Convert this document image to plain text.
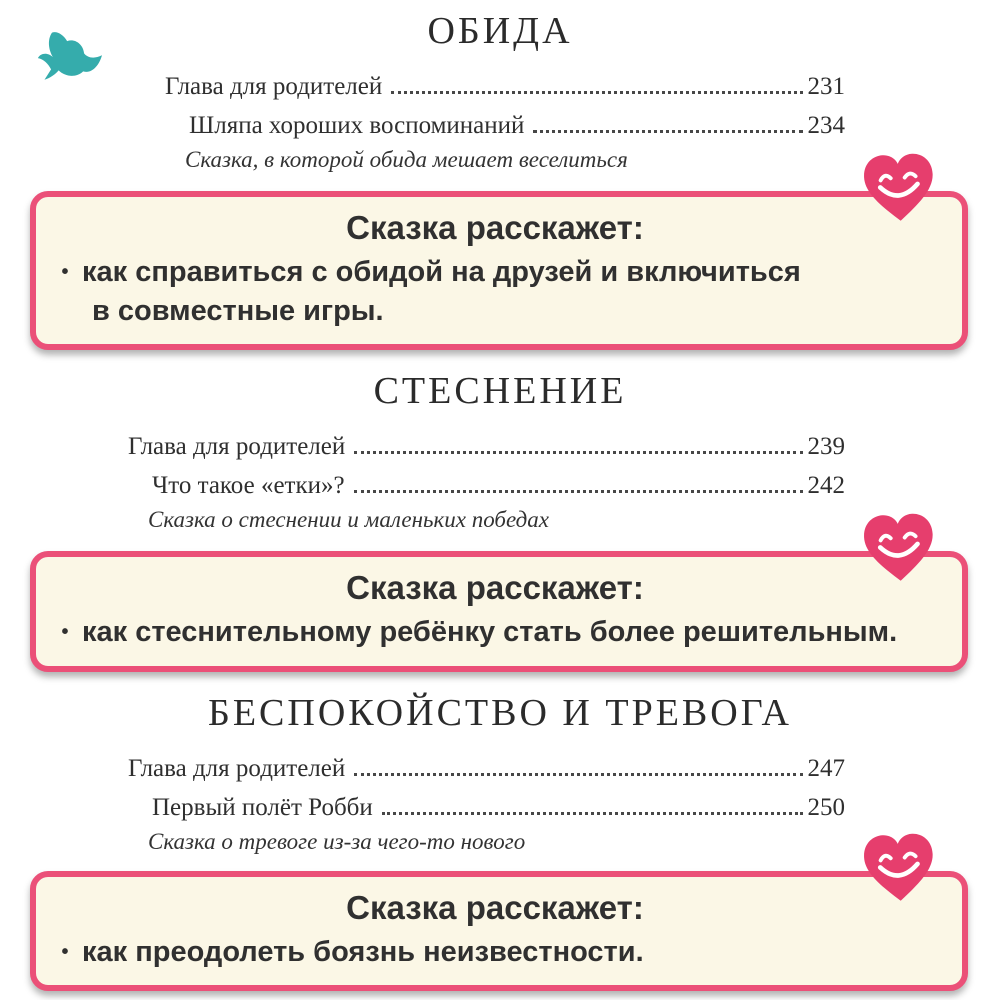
ОБИДА
Глава для родителей	231
Шляпа хороших воспоминаний	234
Сказка, в которой обида мешает веселиться
Сказка расскажет:
• как справиться с обидой на друзей и включиться
в совместные игры.

СТЕСНЕНИЕ
Глава для родителей	239
Что такое «етки»?	242
Сказка о стеснении и маленьких победах
Сказка расскажет:
• как стеснительному ребёнку стать более решительным.

БЕСПОКОЙСТВО И ТРЕВОГА
Глава для родителей	247
Первый полёт Робби	250
Сказка о тревоге из-за чего-то нового
Сказка расскажет:
• как преодолеть боязнь неизвестности.
